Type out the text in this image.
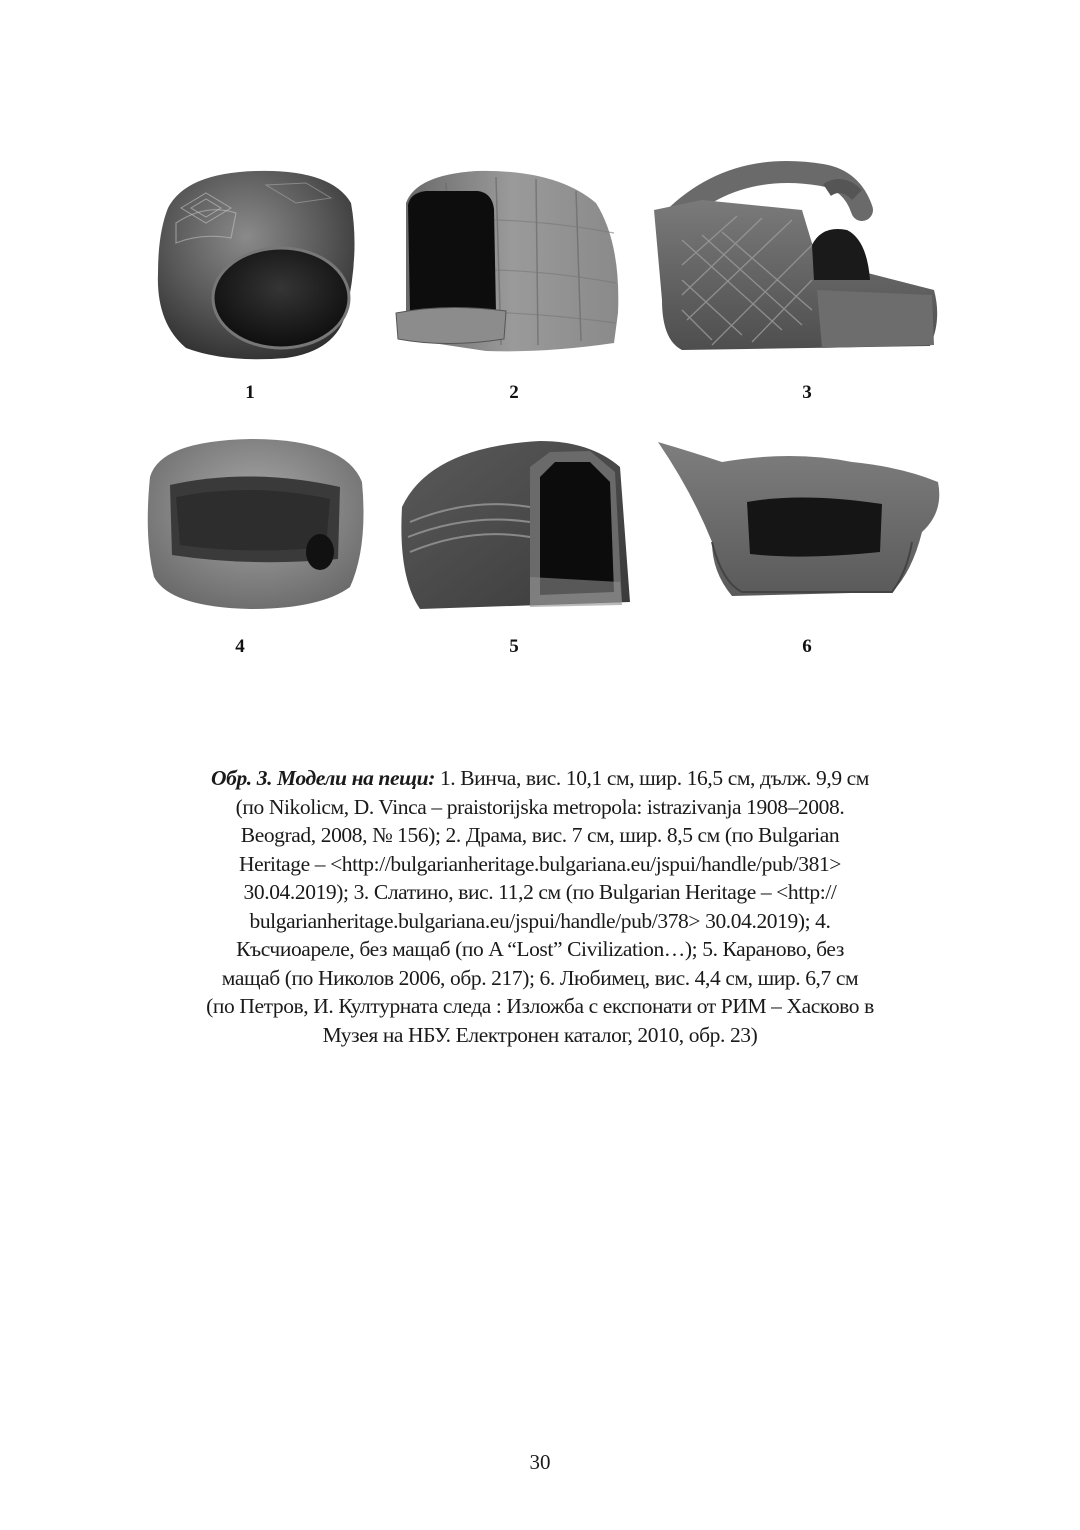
1	2	3
4	5	6
Обр. 3. Модели на пещи: 1. Винча, вис. 10,1 см, шир. 16,5 см, дълж. 9,9 см
(по Nikolicм, D. Vinca – praistorijska metropola: istrazivanja 1908–2008.
Beograd, 2008, № 156); 2. Драма, вис. 7 см, шир. 8,5 см (по Bulgarian
Heritage – <http://bulgarianheritage.bulgariana.eu/jspui/handle/pub/381>
30.04.2019); 3. Слатино, вис. 11,2 см (по Bulgarian Heritage – <http://
bulgarianheritage.bulgariana.eu/jspui/handle/pub/378> 30.04.2019); 4.
Късчиоареле, без мащаб (по A “Lost” Civilization…); 5. Караново, без
мащаб (по Николов 2006, обр. 217); 6. Любимец, вис. 4,4 см, шир. 6,7 см
(по Петров, И. Културната следа : Изложба с експонати от РИМ – Хасково в
Музея на НБУ. Електронен каталог, 2010, обр. 23)
30
